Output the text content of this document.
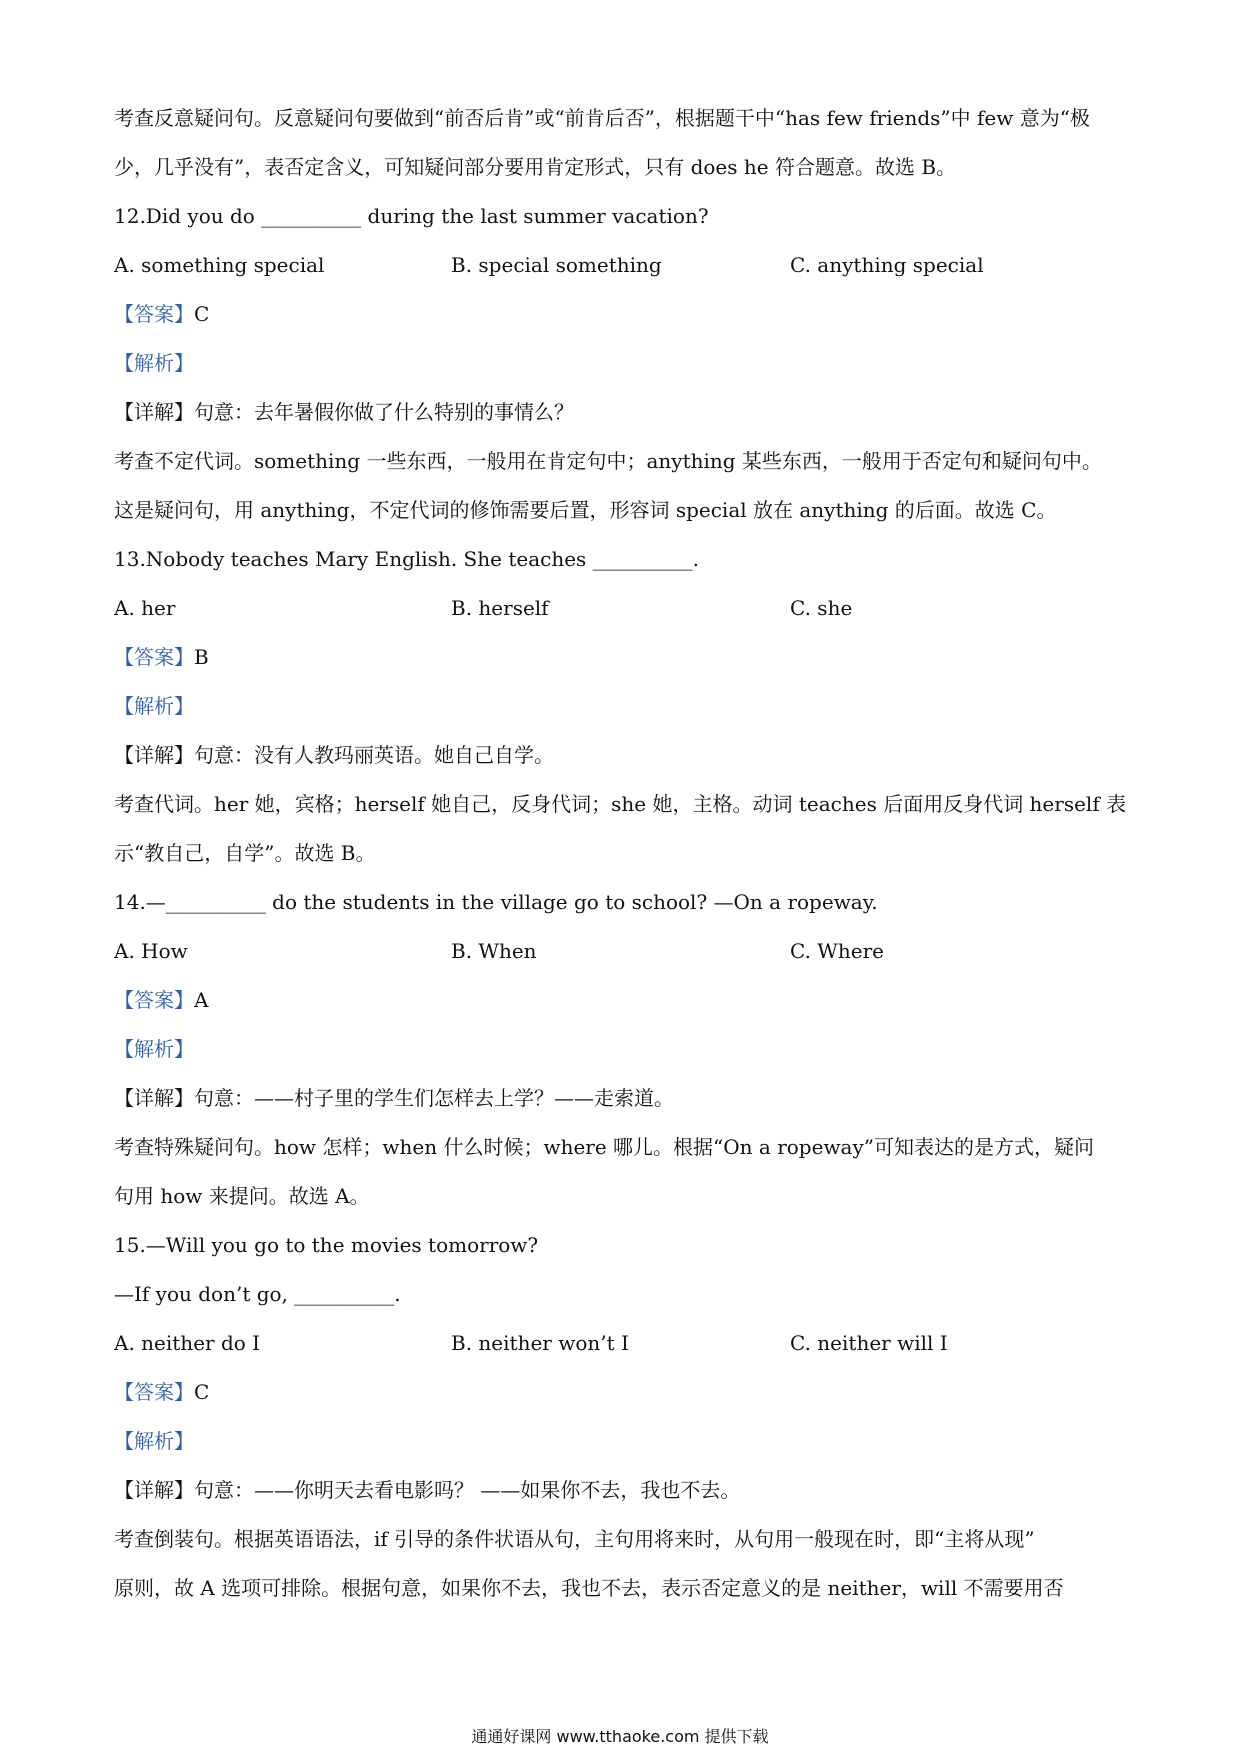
考查反意疑问句。反意疑问句要做到“前否后肯”或“前肯后否”，根据题干中“has few friends”中 few 意为“极
少，几乎没有”，表否定含义，可知疑问部分要用肯定形式，只有 does he 符合题意。故选 B。
12.Did you do __________ during the last summer vacation?
A. something special	B. special something	C. anything special
【答案】C
【解析】
【详解】句意：去年暑假你做了什么特别的事情么？
考查不定代词。something 一些东西，一般用在肯定句中；anything 某些东西，一般用于否定句和疑问句中。
这是疑问句，用 anything，不定代词的修饰需要后置，形容词 special 放在 anything 的后面。故选 C。
13.Nobody teaches Mary English. She teaches __________.
A. her	B. herself	C. she
【答案】B
【解析】
【详解】句意：没有人教玛丽英语。她自己自学。
考查代词。her 她，宾格；herself 她自己，反身代词；she 她，主格。动词 teaches 后面用反身代词 herself 表
示“教自己，自学”。故选 B。
14.—__________ do the students in the village go to school? —On a ropeway.
A. How	B. When	C. Where
【答案】A
【解析】
【详解】句意：——村子里的学生们怎样去上学？——走索道。
考查特殊疑问句。how 怎样；when 什么时候；where 哪儿。根据“On a ropeway”可知表达的是方式，疑问
句用 how 来提问。故选 A。
15.—Will you go to the movies tomorrow?
—If you don’t go, __________.
A. neither do I	B. neither won’t I	C. neither will I
【答案】C
【解析】
【详解】句意：——你明天去看电影吗？ ——如果你不去，我也不去。
考查倒装句。根据英语语法，if 引导的条件状语从句，主句用将来时，从句用一般现在时，即“主将从现”
原则，故 A 选项可排除。根据句意，如果你不去，我也不去，表示否定意义的是 neither，will 不需要用否
通通好课网 www.tthaoke.com 提供下载
